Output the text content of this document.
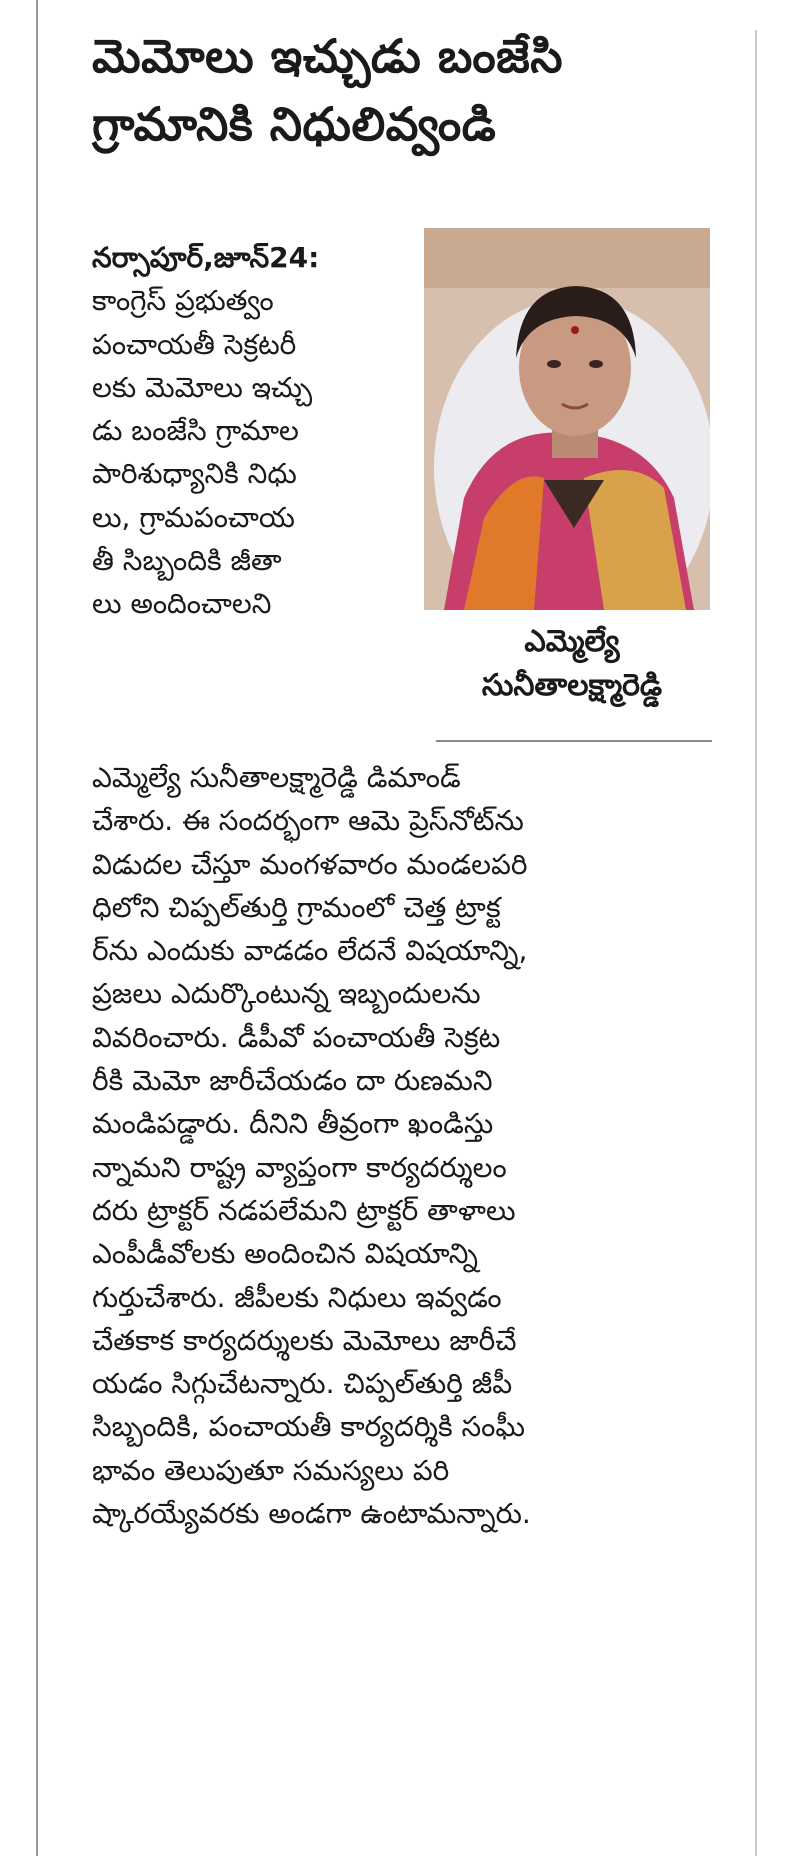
మెమోలు ఇచ్చుడు బంజేసి
గ్రామానికి నిధులివ్వండి
నర్సాపూర్,జూన్24:
కాంగ్రెస్ ప్రభుత్వం
పంచాయతీ సెక్రటరీ
లకు మెమోలు ఇచ్చు
డు బంజేసి గ్రామాల
పారిశుధ్యానికి నిధు
లు, గ్రామపంచాయ
తీ సిబ్బందికి జీతా
లు అందించాలని
ఎమ్మెల్యే
సునీతాలక్ష్మారెడ్డి
ఎమ్మెల్యే సునీతాలక్ష్మారెడ్డి డిమాండ్
చేశారు. ఈ సందర్భంగా ఆమె ప్రెస్‌నోట్‌ను
విడుదల చేస్తూ మంగళవారం మండలపరి
ధిలోని చిప్పల్‌తుర్తి గ్రామంలో చెత్త ట్రాక్ట
ర్‌ను ఎందుకు వాడడం లేదనే విషయాన్ని,
ప్రజలు ఎదుర్కొంటున్న ఇబ్బందులను
వివరించారు. డీపీవో పంచాయతీ సెక్రట
రీకి మెమో జారీచేయడం దా రుణమని
మండిపడ్డారు. దీనిని తీవ్రంగా ఖండిస్తు
న్నామని రాష్ట్ర వ్యాప్తంగా కార్యదర్శులం
దరు ట్రాక్టర్ నడపలేమని ట్రాక్టర్ తాళాలు
ఎంపీడీవోలకు అందించిన విషయాన్ని
గుర్తుచేశారు. జీపీలకు నిధులు ఇవ్వడం
చేతకాక కార్యదర్శులకు మెమోలు జారీచే
యడం సిగ్గుచేటన్నారు. చిప్పల్‌తుర్తి జీపీ
సిబ్బందికి, పంచాయతీ కార్యదర్శికి సంఘీ
భావం తెలుపుతూ సమస్యలు పరి
ష్కారయ్యేవరకు అండగా ఉంటామన్నారు.
